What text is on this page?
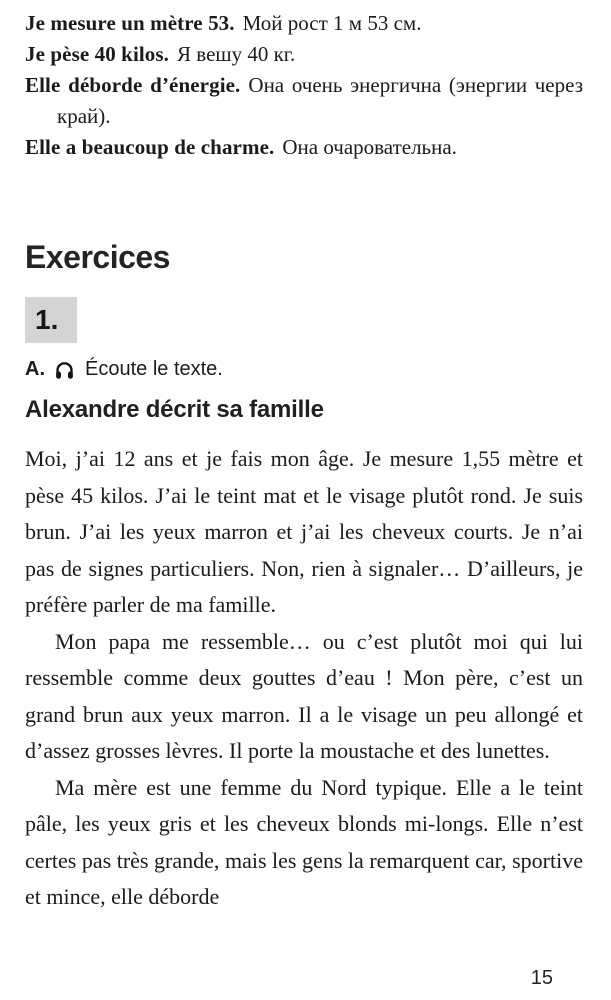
Je mesure un mètre 53. Мой рост 1 м 53 см.
Je pèse 40 kilos. Я вешу 40 кг.
Elle déborde d’énergie. Она очень энергична (энергии через край).
Elle a beaucoup de charme. Она очаровательна.
Exercices
1.
A. Écoute le texte.
Alexandre décrit sa famille

Moi, j’ai 12 ans et je fais mon âge. Je mesure 1,55 mètre et pèse 45 kilos. J’ai le teint mat et le visage plutôt rond. Je suis brun. J’ai les yeux marron et j’ai les cheveux courts. Je n’ai pas de signes particuliers. Non, rien à signaler… D’ailleurs, je préfère parler de ma famille.

Mon papa me ressemble… ou c’est plutôt moi qui lui ressemble comme deux gouttes d’eau ! Mon père, c’est un grand brun aux yeux marron. Il a le visage un peu allongé et d’assez grosses lèvres. Il porte la moustache et des lunettes.

Ma mère est une femme du Nord typique. Elle a le teint pâle, les yeux gris et les cheveux blonds mi-longs. Elle n’est certes pas très grande, mais les gens la remarquent car, sportive et mince, elle déborde

15
